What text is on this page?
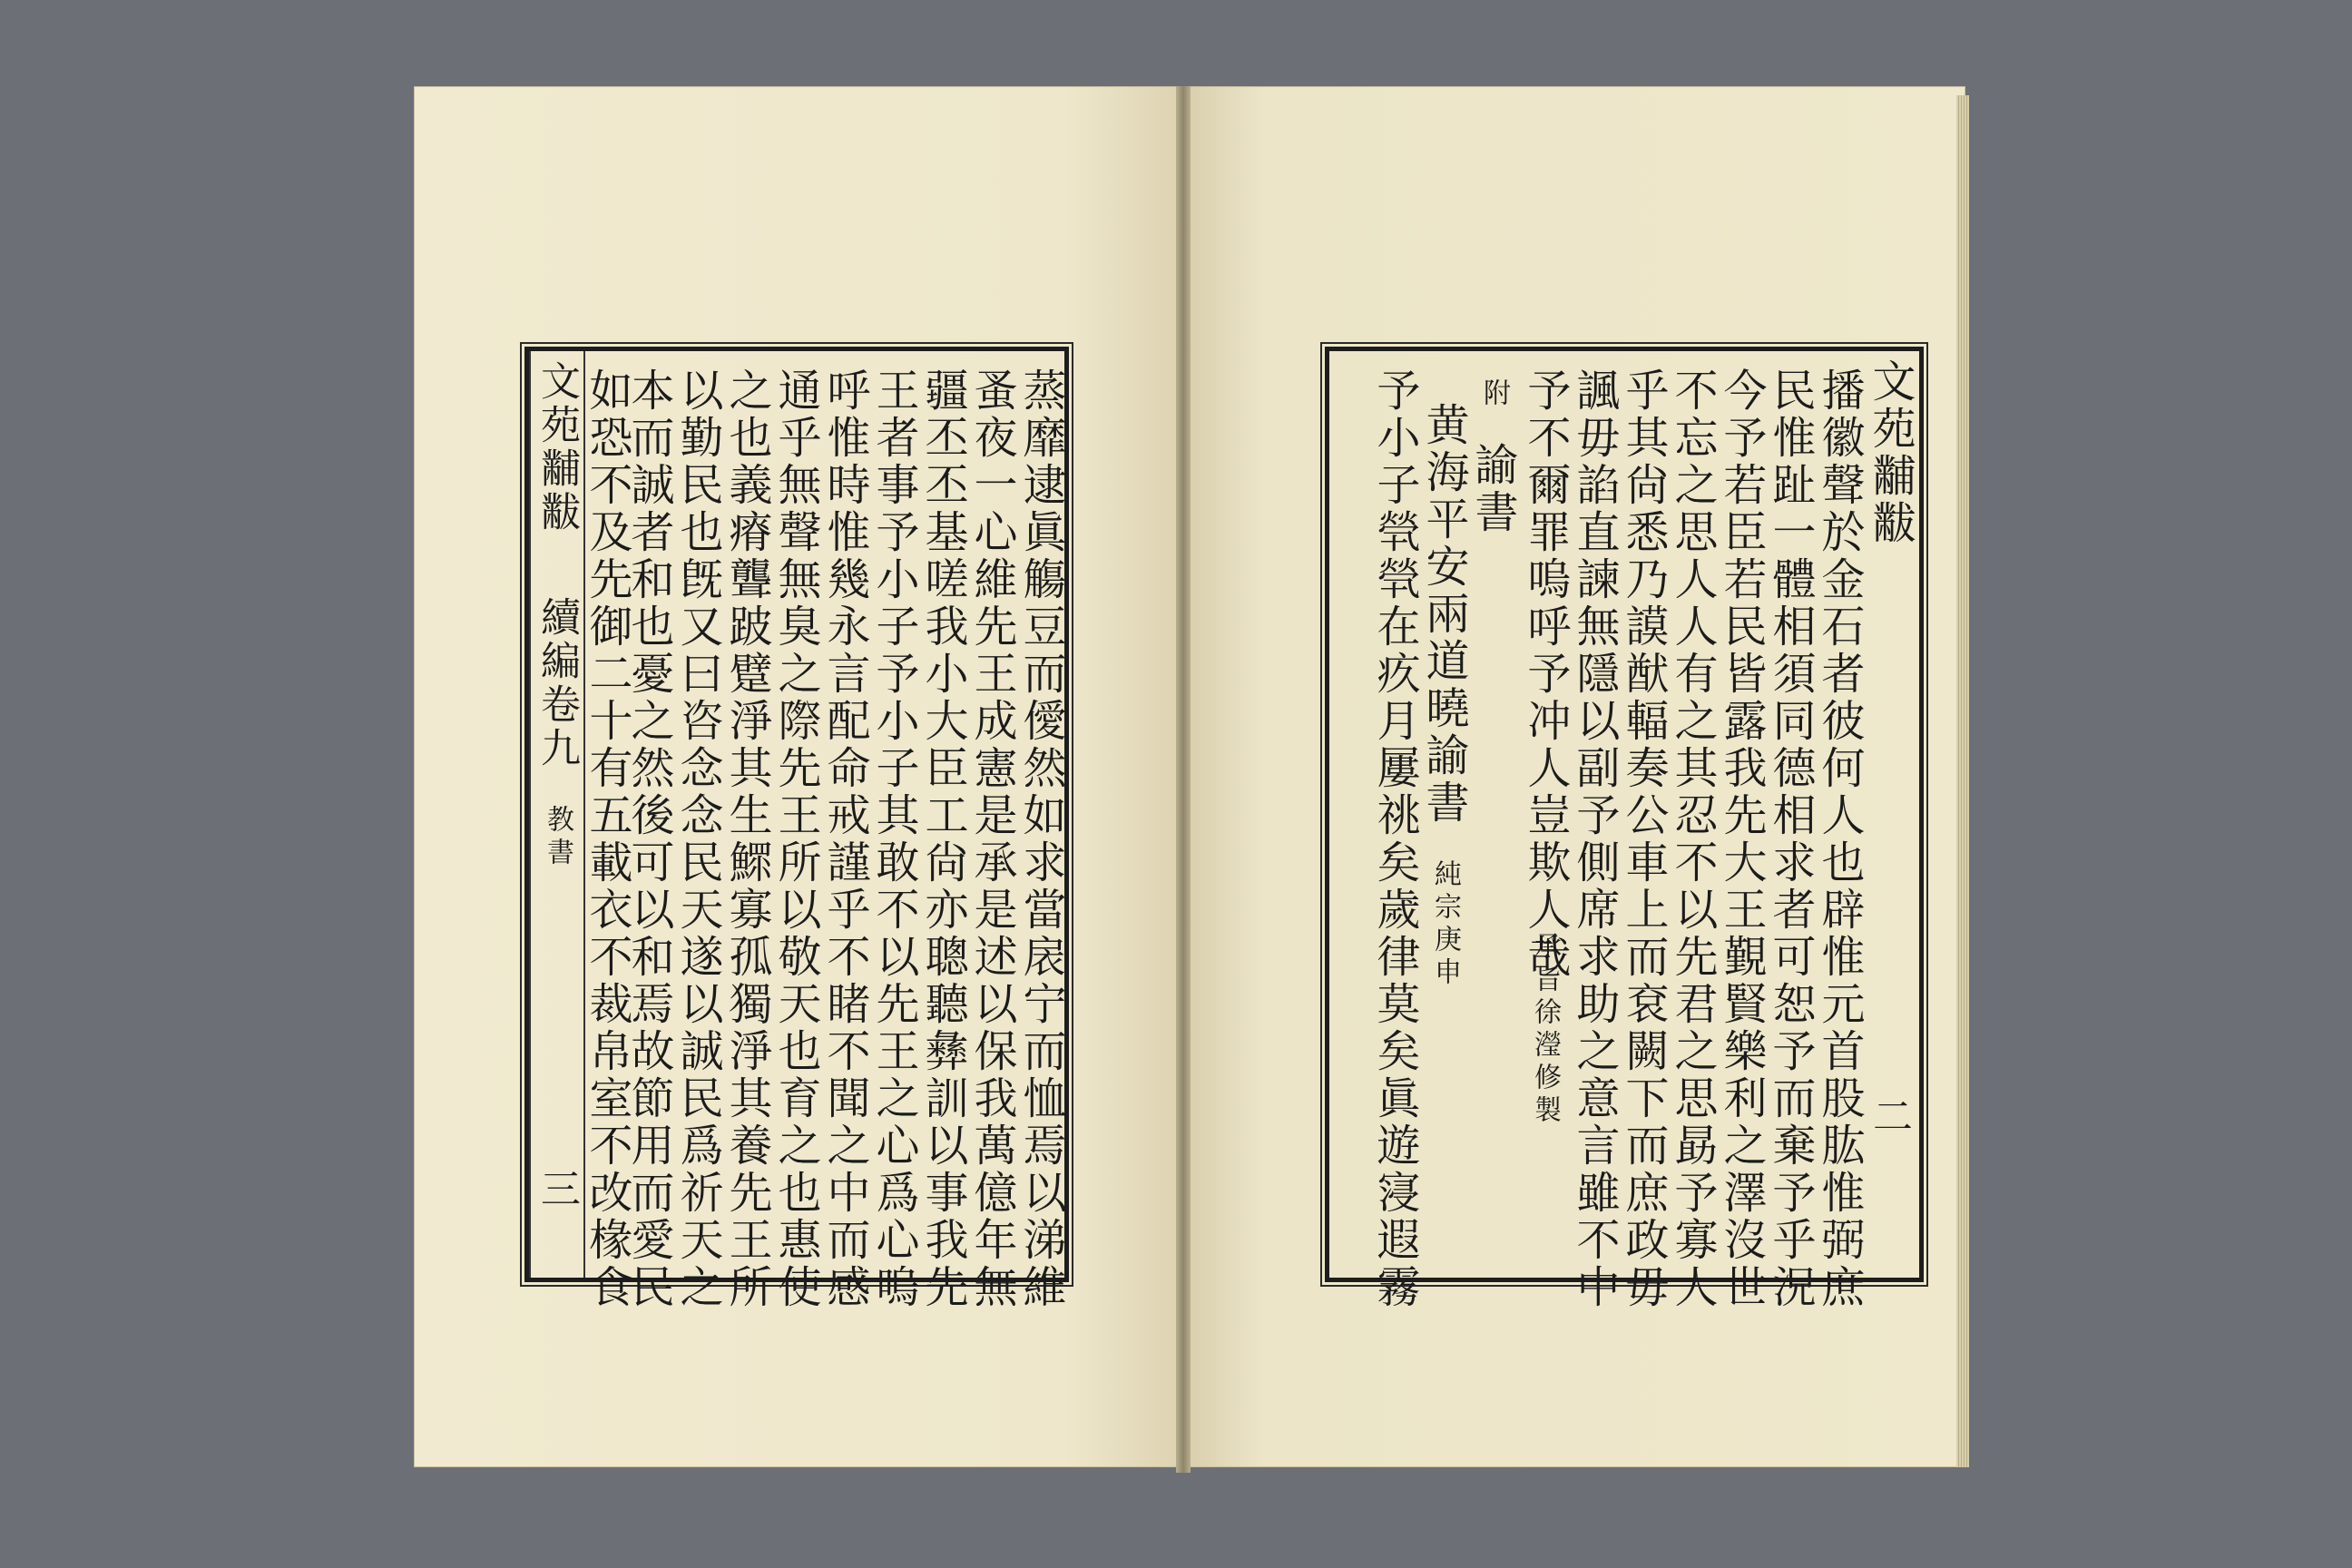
蒸靡逮眞觴豆而僾然如求當扆宁而恤焉以涕維
蚤夜一心維先王成憲是承是述以保我萬億年無
疆丕丕基嗟我小大臣工尙亦聰聽彝訓以事我先
王者事予小子予小子其敢不以先王之心爲心嗚
呼惟時惟幾永言配命戒謹乎不睹不聞之中而感
通乎無聲無臭之際先王所以敬天也育之也惠使
之也義瘠聾跛躄淨其生鰥寡孤獨淨其養先王所
以勤民也旣又曰咨念念民天遂以誠民爲祈天之
本而誠者和也憂之然後可以和焉故節用而愛民
如恐不及先御二十有五載衣不裁帛室不改椽食
文苑黼黻
續編卷九
教書
三
文苑黼黻
播徽聲於金石者彼何人也辟惟元首股肱惟弼庶
民惟趾一體相須同德相求者可恕予而棄予乎況
今予若臣若民皆露我先大王覲賢樂利之澤沒世
不忘之思人人有之其忍不以先君之思勗予寡人
乎其尙悉乃謨猷輻奏公車上而袞闕下而庶政毋
諷毋諂直諫無隱以副予側席求助之意言雖不中
予不爾罪嗚呼予冲人豈欺人哉
承旨徐瀅修製
附
諭書
黄海平安兩道曉諭書
純宗庚申
予小子煢煢在疚月屢祧矣歲律莫矣眞遊寖遐霧	二
